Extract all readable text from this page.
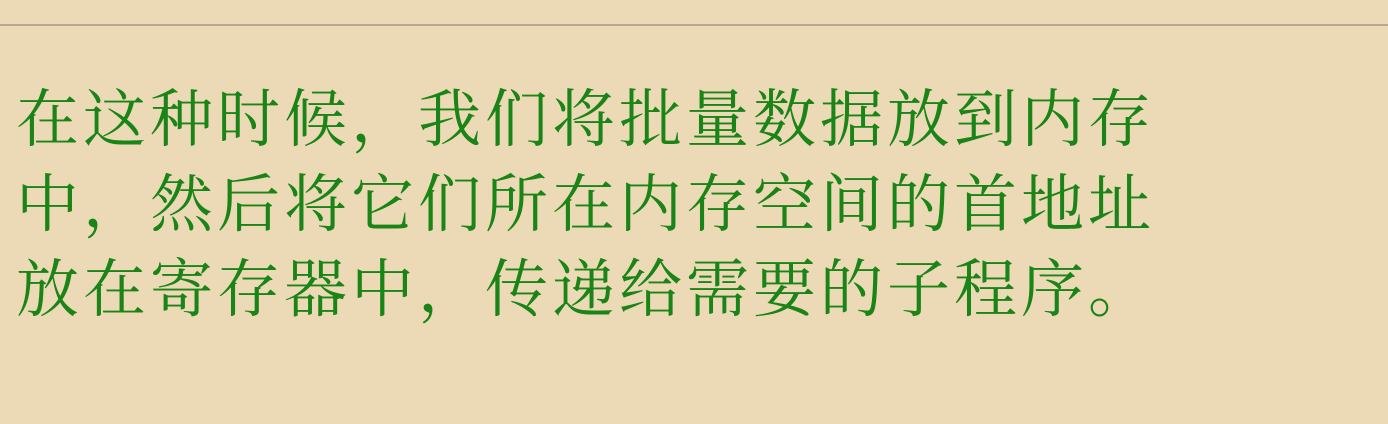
在这种时候，我们将批量数据放到内存
中，然后将它们所在内存空间的首地址
放在寄存器中，传递给需要的子程序。
